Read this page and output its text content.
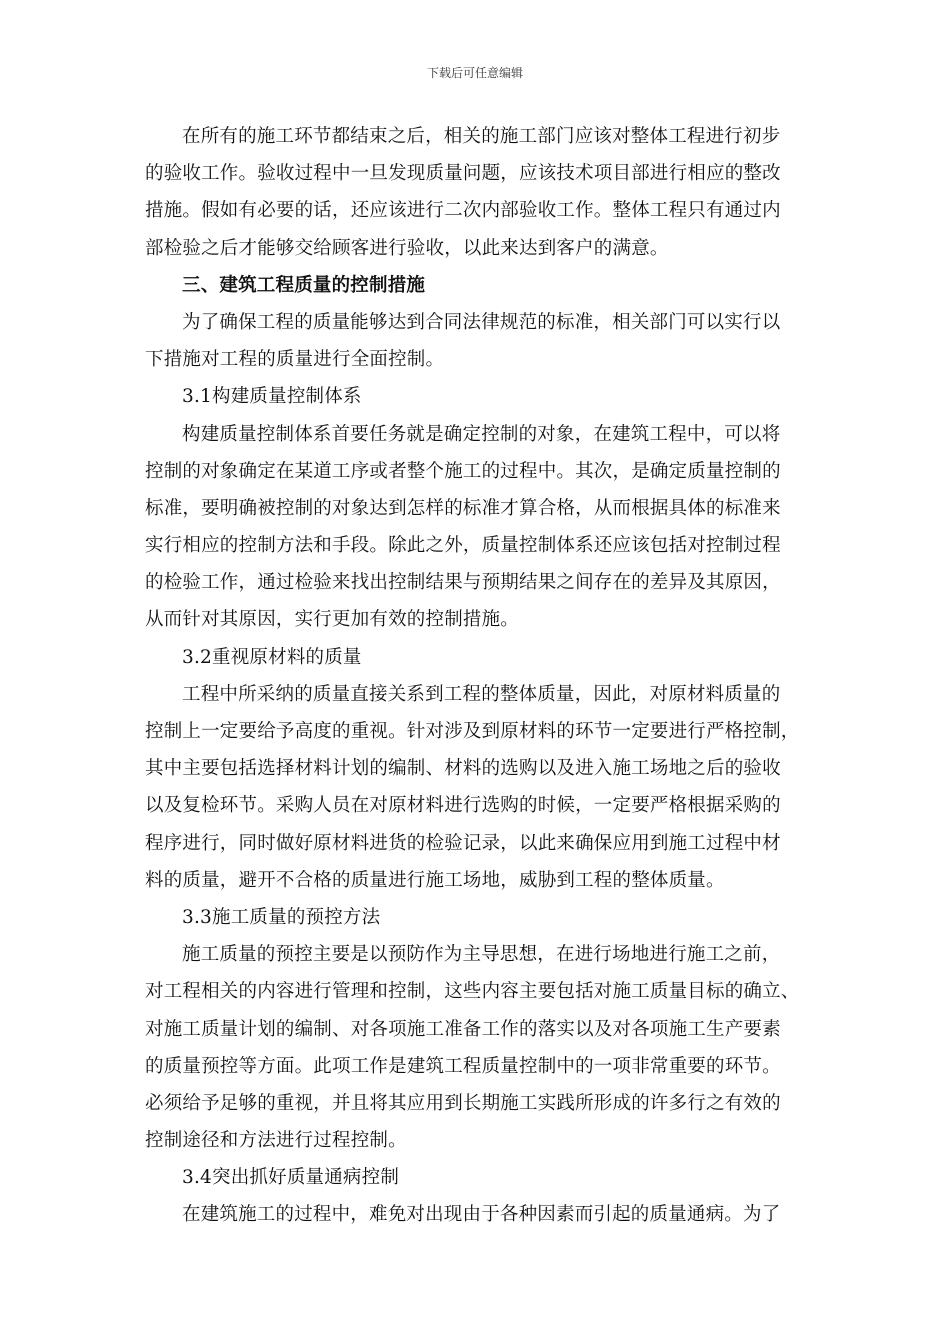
下载后可任意编辑
在所有的施工环节都结束之后，相关的施工部门应该对整体工程进行初步
的验收工作。验收过程中一旦发现质量问题，应该技术项目部进行相应的整改
措施。假如有必要的话，还应该进行二次内部验收工作。整体工程只有通过内
部检验之后才能够交给顾客进行验收，以此来达到客户的满意。
三、建筑工程质量的控制措施
为了确保工程的质量能够达到合同法律规范的标准，相关部门可以实行以
下措施对工程的质量进行全面控制。
3.1构建质量控制体系
构建质量控制体系首要任务就是确定控制的对象，在建筑工程中，可以将
控制的对象确定在某道工序或者整个施工的过程中。其次，是确定质量控制的
标准，要明确被控制的对象达到怎样的标准才算合格，从而根据具体的标准来
实行相应的控制方法和手段。除此之外，质量控制体系还应该包括对控制过程
的检验工作，通过检验来找出控制结果与预期结果之间存在的差异及其原因，
从而针对其原因，实行更加有效的控制措施。
3.2重视原材料的质量
工程中所采纳的质量直接关系到工程的整体质量，因此，对原材料质量的
控制上一定要给予高度的重视。针对涉及到原材料的环节一定要进行严格控制，
其中主要包括选择材料计划的编制、材料的选购以及进入施工场地之后的验收
以及复检环节。采购人员在对原材料进行选购的时候，一定要严格根据采购的
程序进行，同时做好原材料进货的检验记录，以此来确保应用到施工过程中材
料的质量，避开不合格的质量进行施工场地，威胁到工程的整体质量。
3.3施工质量的预控方法
施工质量的预控主要是以预防作为主导思想，在进行场地进行施工之前，
对工程相关的内容进行管理和控制，这些内容主要包括对施工质量目标的确立、
对施工质量计划的编制、对各项施工准备工作的落实以及对各项施工生产要素
的质量预控等方面。此项工作是建筑工程质量控制中的一项非常重要的环节。
必须给予足够的重视，并且将其应用到长期施工实践所形成的许多行之有效的
控制途径和方法进行过程控制。
3.4突出抓好质量通病控制
在建筑施工的过程中，难免对出现由于各种因素而引起的质量通病。为了
